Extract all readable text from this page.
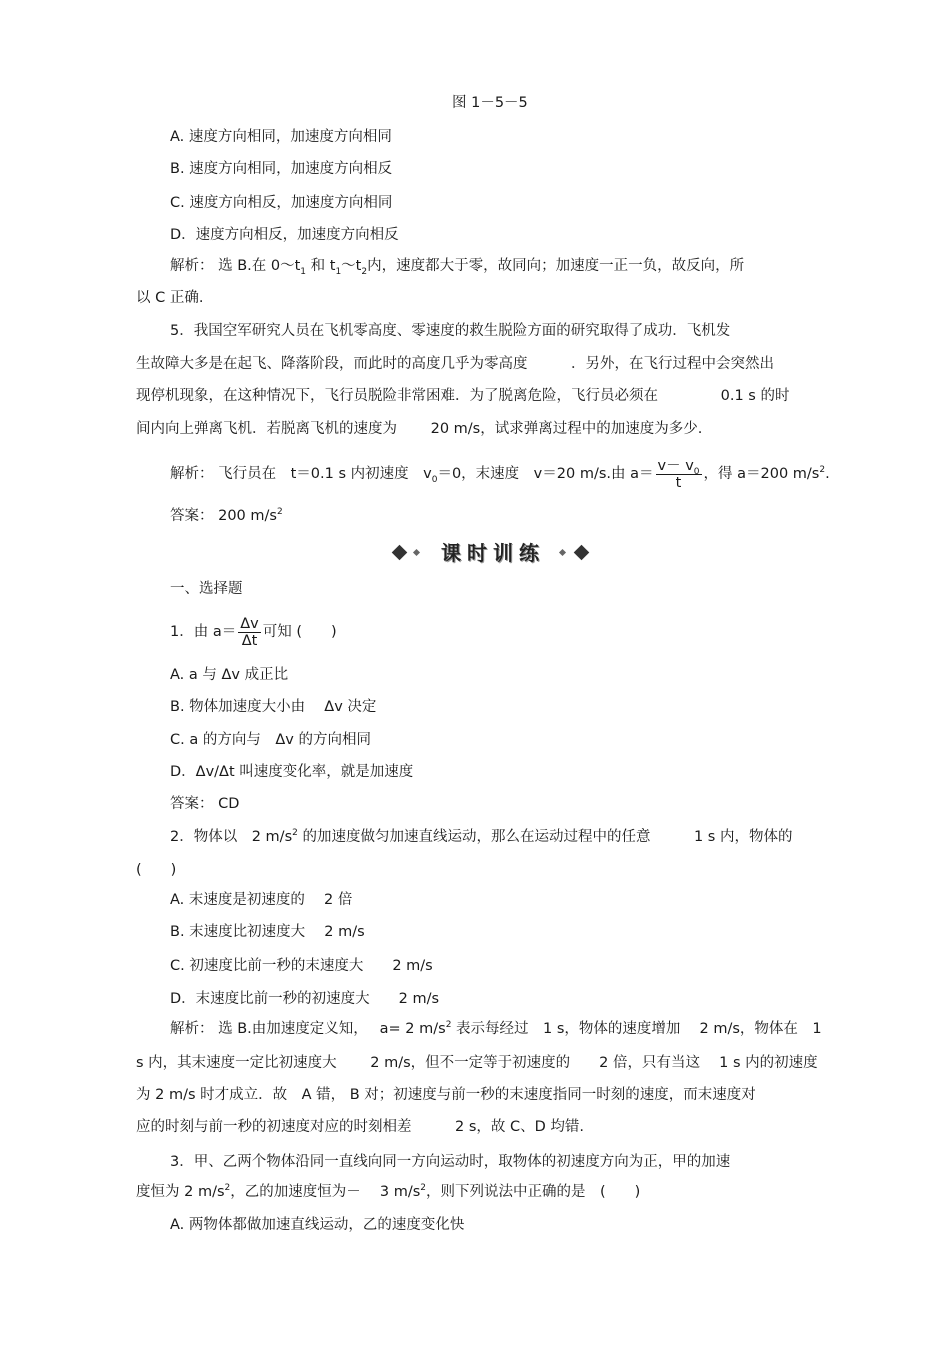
图 1－5－5
A. 速度方向相同，加速度方向相同
B. 速度方向相同，加速度方向相反
C. 速度方向相反，加速度方向相同
D．速度方向相反，加速度方向相反
解析： 选 B.在 $0\sim t_1$ 和 $t_1\sim t_2$内，速度都大于零，故同向；加速度一正一负，故反向，所
以 C 正确.
5．我国空军研究人员在飞机零高度、零速度的救生脱险方面的研究取得了成功．飞机发
生故障大多是在起飞、降落阶段，而此时的高度几乎为零高度　　　．另外，在飞行过程中会突然出
现停机现象，在这种情况下，飞行员脱险非常困难．为了脱离危险，飞行员必须在　　　　 0.1 s 的时
间内向上弹离飞机．若脱离飞机的速度为　　 20 m/s，试求弹离过程中的加速度为多少.
解析： 飞行员在　t＝0.1 s 内初速度　$v_0=0$，末速度　v＝20 m/s.由 $a= \frac{v- v_0}{t}$ ，得 a＝200 $m/s^2$.
答案： 200 $m/s^2$
课时训练
一、选择题
1．由 $a= \frac{\Delta v}{\Delta t}$ 可知 (　　)
A. a 与 Δv 成正比
B. 物体加速度大小由　 Δv 决定
C. a 的方向与　Δv 的方向相同
D．Δv/Δt 叫速度变化率，就是加速度
答案： CD
2．物体以　2 $m/s^2$ 的加速度做匀加速直线运动，那么在运动过程中的任意　　　1 s 内，物体的
(　　)
A. 末速度是初速度的　 2 倍
B. 末速度比初速度大　 2 m/s
C. 初速度比前一秒的末速度大　　2 m/s
D．末速度比前一秒的初速度大　　2 m/s
解析： 选 B.由加速度定义知，　 a= 2 $m/s^2$ 表示每经过　1 s，物体的速度增加　 2 m/s，物体在　1
s 内，其末速度一定比初速度大　　 2 m/s，但不一定等于初速度的　　2 倍，只有当这　 1 s 内的初速度
为 2 m/s 时才成立．故　A 错， B 对；初速度与前一秒的末速度指同一时刻的速度，而末速度对
应的时刻与前一秒的初速度对应的时刻相差　　　2 s，故 C、D 均错.
3．甲、乙两个物体沿同一直线向同一方向运动时，取物体的初速度方向为正，甲的加速
度恒为 2 $m/s^2$，乙的加速度恒为－　 3 $m/s^2$，则下列说法中正确的是　(　　)
A. 两物体都做加速直线运动，乙的速度变化快
